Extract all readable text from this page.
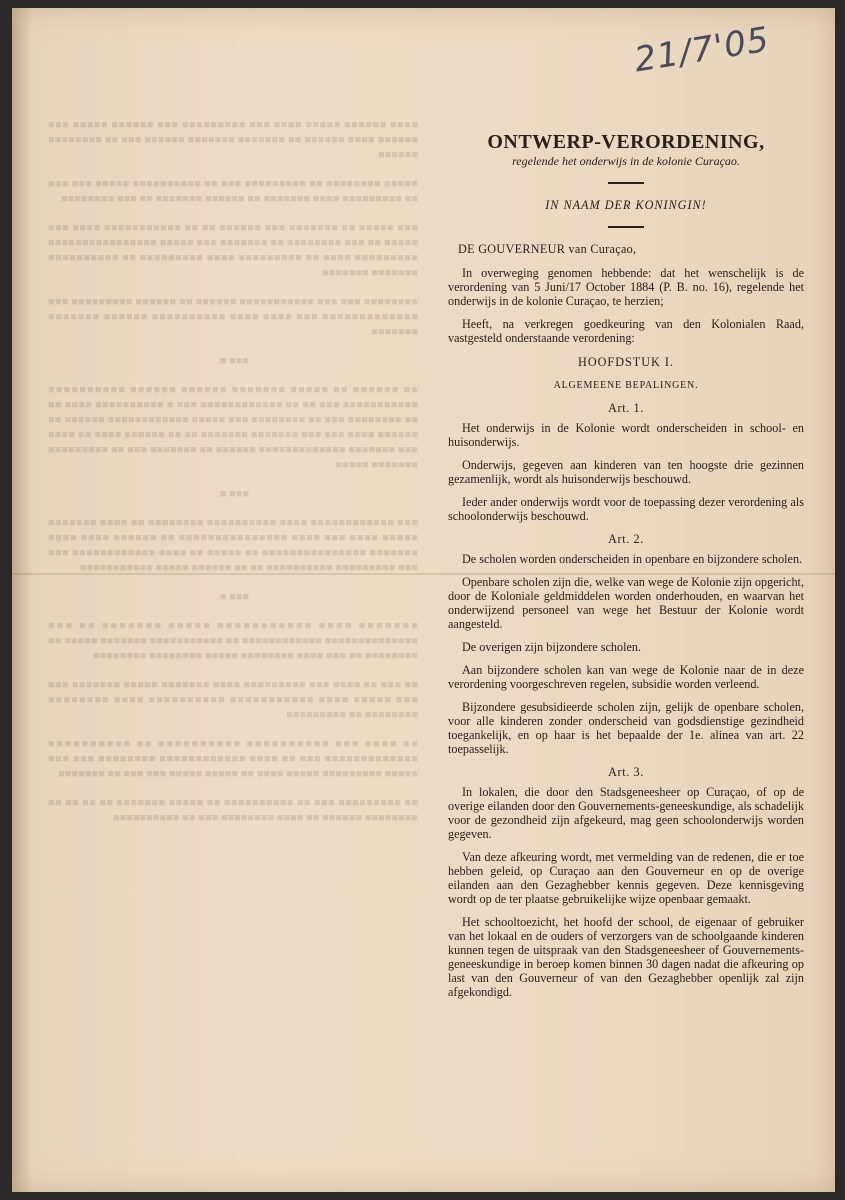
■■■■ ■■■■■■ ■■■■■ ■■■■ ■■■ ■■■■■■■■■ ■■■ ■■■■■■ ■■■■■ ■■■ ■■■■■■ ■■■■ ■■■■■■ ■■ ■■■■■■■ ■■■■■■■ ■■■■■■ ■■■ ■■ ■■■■■■■■ ■■■■■■.

■■■■■ ■■■■■■■■ ■■ ■■■■■■■■■ ■■■ ■■ ■■■■■■■■■■ ■■■■■ ■■■ ■■■ ■■ ■■■■■■■■■ ■■■■ ■■■■■■■ ■■ ■■■■■■ ■■■■■■■ ■■ ■■■ ■■■■■■■■.

■■■ ■■■■■ ■■ ■■■■■■■ ■■■ ■■■■■■ ■■ ■■ ■■■■■■■■■■■ ■■■■ ■■■ ■■■■■ ■■ ■■■ ■■■■■■■■ ■■ ■■■■■■■ ■■■ ■■■■■ ■■■■■■■■■■■■■■■■ ■■■■■■■■■ ■■■■ ■■ ■■■■■■■■■ ■■■■ ■■■■■■■■■ ■■ ■■■■■■■■■■ ■■■■■■■ ■■■■■■■.

■■■■■■■■ ■■■ ■■■ ■■■■■■■■■■■ ■■■■■■ ■■ ■■■■■■ ■■■■■■■■■ ■■■ ■■■■■■■■■■■■■ ■■■ ■■■■ ■■■■ ■■■■■■■■■■ ■■■■■■ ■■■■■■■ ■■■■■■■.

■■■ ■.

■■ ■■■■■■ ■■ ■■■■■ ■■■■■■■ ■■■■■■ ■■■■■■ ■■■■■■■■■■ ■■■■■■■■■■■ ■■■ ■■ ■■ ■■■■■■■■■■■■ ■■■ ■ ■■■■■■■■■■ ■■■■ ■■ ■■ ■■■■■■■■ ■■■ ■■ ■■■■■■■■ ■■■ ■■■■■ ■■■■■■■■■■■■ ■■■■■■ ■■ ■■■■■■ ■■■■ ■■■ ■■■ ■■■■■■■ ■■■■■■■ ■■ ■■ ■■■■■■ ■■■■ ■■ ■■■■ ■■■ ■■■■■■■ ■■■■■■■■■■■■■ ■■■■■■ ■■ ■■■■■■■ ■■■ ■■ ■■■■■■■■■ ■■■■■■■ ■■■■■.

■■■ ■.

■■■ ■■■■■■■■■■■■ ■■■■ ■■■■■■■■■■ ■■■■■■■■ ■■ ■■■■ ■■■■■■■ ■■■■■ ■■■■ ■■■ ■■■■ ■■■■■■■■■■■■■■■ ■■ ■■■■■■ ■■■■ ■■■■ ■■■■■■■ ■■■■■■■■■■■■■■■ ■■ ■■■■■ ■■ ■■■■ ■■■■■■■■■■■■ ■■■ ■■■ ■■■■■■■■■ ■■■■■■■■■■ ■■ ■■ ■■■■■■ ■■■■■ ■■■■■■■■■■■.

■■■ ■.

■■■■■■■ ■■■■ ■■■■■■■■■■■ ■■■■■ ■■■■■■■ ■■ ■■■ ■■■■■■■■■■■■■■ ■■■■■■■■■■■■ ■■ ■■■■■■■■■■■ ■■■■■■■ ■■■■■ ■■ ■■■■■■■■ ■■ ■■■ ■■■■ ■■■■■■■■ ■■■■■ ■■■■■■■■ ■■■■■■■■.

■■ ■■■ ■■ ■■■■ ■■■ ■■■■■■■■■ ■■■■ ■■■■■■■ ■■■■■ ■■■■■■■ ■■■ ■■■ ■■■■■ ■■■■ ■■■■■■■■■■■ ■■■■■■■■■■ ■■■■ ■■■■■■■■ ■■■■■■■■ ■■ ■■■■■■■■■.

■■ ■■■■ ■■■ ■■■■■■■■■■ ■■■■■■■■■■ ■■ ■■■■■■■■■■ ■■■■■■■■■■■■■ ■■■ ■■ ■■■■ ■■■■■■■■■■■■ ■■■■■■■■ ■■■ ■■■ ■■■■■ ■■■■■■■■■ ■■■■■ ■■■■ ■■ ■■■■■ ■■■■■ ■■■ ■■■ ■■ ■■■■■■■.

■■ ■■■■■■■■■ ■■■ ■■ ■■■■■■■■■■ ■■ ■■■■■ ■■■■■■■ ■■ ■■ ■■ ■■ ■■■■■■■■ ■■■■■■ ■■ ■■■■ ■■■■■■■■ ■■■ ■■ ■■■■■■■■■■.

21/7'05
ONTWERP-VERORDENING,

regelende het onderwijs in de kolonie Curaçao.

IN NAAM DER KONINGIN!

DE GOUVERNEUR van Curaçao,

In overweging genomen hebbende: dat het wenschelijk is de verordening van 5 Juni/17 October 1884 (P. B. no. 16), regelende het onderwijs in de kolonie Curaçao, te herzien;

Heeft, na verkregen goedkeuring van den Kolonialen Raad, vastgesteld onderstaande verordening:

HOOFDSTUK I.

ALGEMEENE BEPALINGEN.

Art. 1.

Het onderwijs in de Kolonie wordt onderscheiden in school- en huisonderwijs.

Onderwijs, gegeven aan kinderen van ten hoogste drie gezinnen gezamenlijk, wordt als huisonderwijs beschouwd.

Ieder ander onderwijs wordt voor de toepassing dezer verordening als schoolonderwijs beschouwd.

Art. 2.

De scholen worden onderscheiden in openbare en bijzondere scholen.

Openbare scholen zijn die, welke van wege de Kolonie zijn opgericht, door de Koloniale geldmiddelen worden onderhouden, en waarvan het onderwijzend personeel van wege het Bestuur der Kolonie wordt aangesteld.

De overigen zijn bijzondere scholen.

Aan bijzondere scholen kan van wege de Kolonie naar de in deze verordening voorgeschreven regelen, subsidie worden verleend.

Bijzondere gesubsidieerde scholen zijn, gelijk de openbare scholen, voor alle kinderen zonder onderscheid van godsdienstige gezindheid toegankelijk, en op haar is het bepaalde der 1e. alinea van art. 22 toepasselijk.

Art. 3.

In lokalen, die door den Stadsgeneesheer op Curaçao, of op de overige eilanden door den Gouvernements-geneeskundige, als schadelijk voor de gezondheid zijn afgekeurd, mag geen schoolonderwijs worden gegeven.

Van deze afkeuring wordt, met vermelding van de redenen, die er toe hebben geleid, op Curaçao aan den Gouverneur en op de overige eilanden aan den Gezaghebber kennis gegeven. Deze kennisgeving wordt op de ter plaatse gebruikelijke wijze openbaar gemaakt.

Het schooltoezicht, het hoofd der school, de eigenaar of gebruiker van het lokaal en de ouders of verzorgers van de schoolgaande kinderen kunnen tegen de uitspraak van den Stadsgeneesheer of Gouvernements-geneeskundige in beroep komen binnen 30 dagen nadat die afkeuring op last van den Gouverneur of van den Gezaghebber openlijk zal zijn afgekondigd.
